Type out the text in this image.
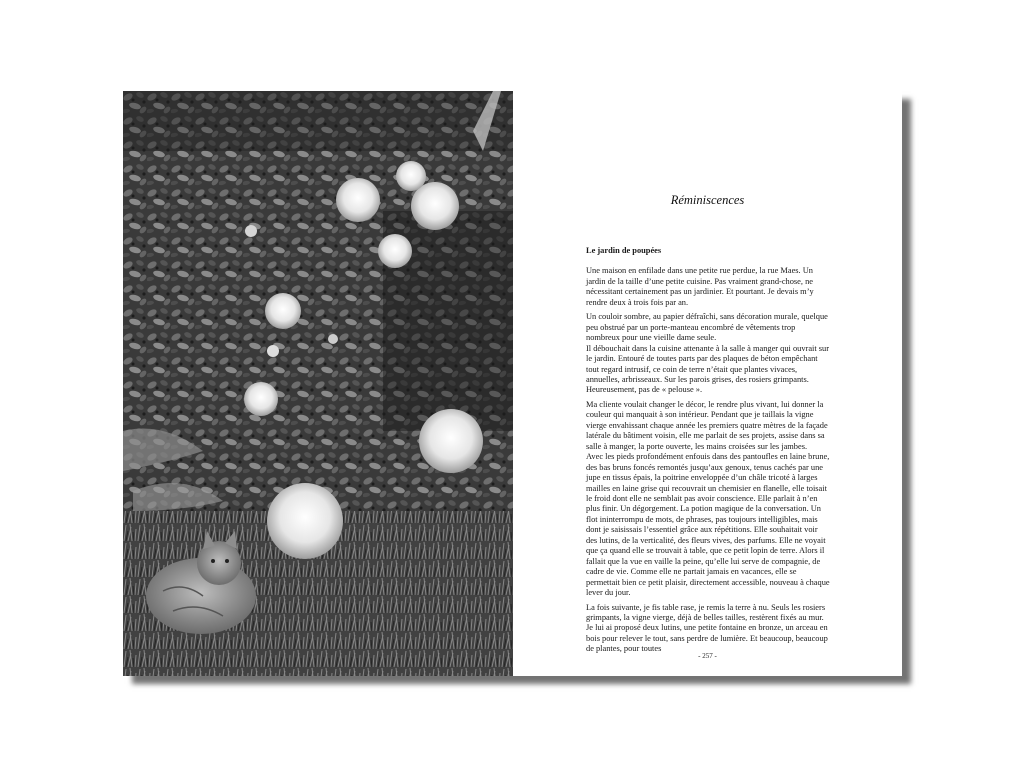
Réminiscences

Le jardin de poupées

Une maison en enfilade dans une petite rue perdue, la rue Maes. Un jardin de la taille d’une petite cuisine. Pas vraiment grand-chose, ne nécessitant certainement pas un jardinier. Et pourtant. Je devais m’y rendre deux à trois fois par an.

Un couloir sombre, au papier défraîchi, sans décoration murale, quelque peu obstrué par un porte-manteau encombré de vêtements trop nombreux pour une vieille dame seule.

Il débouchait dans la cuisine attenante à la salle à manger qui ouvrait sur le jardin. Entouré de toutes parts par des plaques de béton empêchant tout regard intrusif, ce coin de terre n’était que plantes vivaces, annuelles, arbrisseaux. Sur les parois grises, des rosiers grimpants. Heureusement, pas de « pelouse ».

Ma cliente voulait changer le décor, le rendre plus vivant, lui donner la couleur qui manquait à son intérieur. Pendant que je taillais la vigne vierge envahissant chaque année les premiers quatre mètres de la façade latérale du bâtiment voisin, elle me parlait de ses projets, assise dans sa salle à manger, la porte ouverte, les mains croisées sur les jambes.

Avec les pieds profondément enfouis dans des pantoufles en laine brune, des bas bruns foncés remontés jusqu’aux genoux, tenus cachés par une jupe en tissus épais, la poitrine enveloppée d’un châle tricoté à larges mailles en laine grise qui recouvrait un chemisier en flanelle, elle toisait le froid dont elle ne semblait pas avoir conscience. Elle parlait à n’en plus finir. Un dégorgement. La potion magique de la conversation. Un flot ininterrompu de mots, de phrases, pas toujours intelligibles, mais dont je saisissais l’essentiel grâce aux répétitions. Elle souhaitait voir des lutins, de la verticalité, des fleurs vives, des parfums. Elle ne voyait que ça quand elle se trouvait à table, que ce petit lopin de terre. Alors il fallait que la vue en vaille la peine, qu’elle lui serve de compagnie, de cadre de vie. Comme elle ne partait jamais en vacances, elle se permettait bien ce petit plaisir, directement accessible, nouveau à chaque lever du jour.

La fois suivante, je fis table rase, je remis la terre à nu. Seuls les rosiers grimpants, la vigne vierge, déjà de belles tailles, restèrent fixés au mur. Je lui ai proposé deux lutins, une petite fontaine en bronze, un arceau en bois pour relever le tout, sans perdre de lumière. Et beaucoup, beaucoup de plantes, pour toutes

- 257 -
